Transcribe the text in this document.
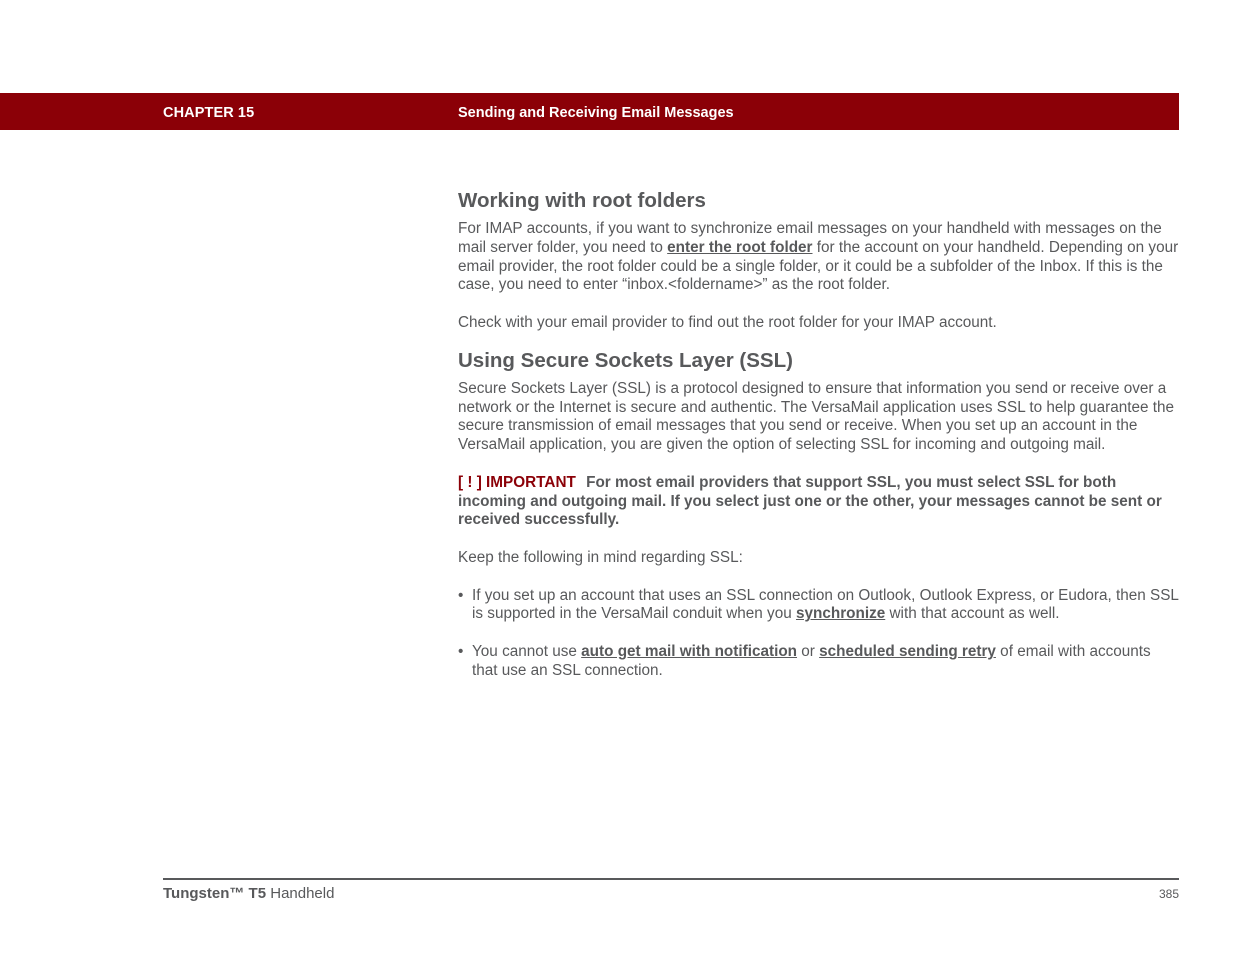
CHAPTER 15	Sending and Receiving Email Messages
Working with root folders

For IMAP accounts, if you want to synchronize email messages on your handheld with messages on the mail server folder, you need to enter the root folder for the account on your handheld. Depending on your email provider, the root folder could be a single folder, or it could be a subfolder of the Inbox. If this is the case, you need to enter “inbox.<foldername>” as the root folder.

Check with your email provider to find out the root folder for your IMAP account.

Using Secure Sockets Layer (SSL)

Secure Sockets Layer (SSL) is a protocol designed to ensure that information you send or receive over a network or the Internet is secure and authentic. The VersaMail application uses SSL to help guarantee the secure transmission of email messages that you send or receive. When you set up an account in the VersaMail application, you are given the option of selecting SSL for incoming and outgoing mail.

[ ! ] IMPORTANT For most email providers that support SSL, you must select SSL for both incoming and outgoing mail. If you select just one or the other, your messages cannot be sent or received successfully.

Keep the following in mind regarding SSL:

• If you set up an account that uses an SSL connection on Outlook, Outlook Express, or Eudora, then SSL is supported in the VersaMail conduit when you synchronize with that account as well.
• You cannot use auto get mail with notification or scheduled sending retry of email with accounts that use an SSL connection.
Tungsten™ T5 Handheld	385
